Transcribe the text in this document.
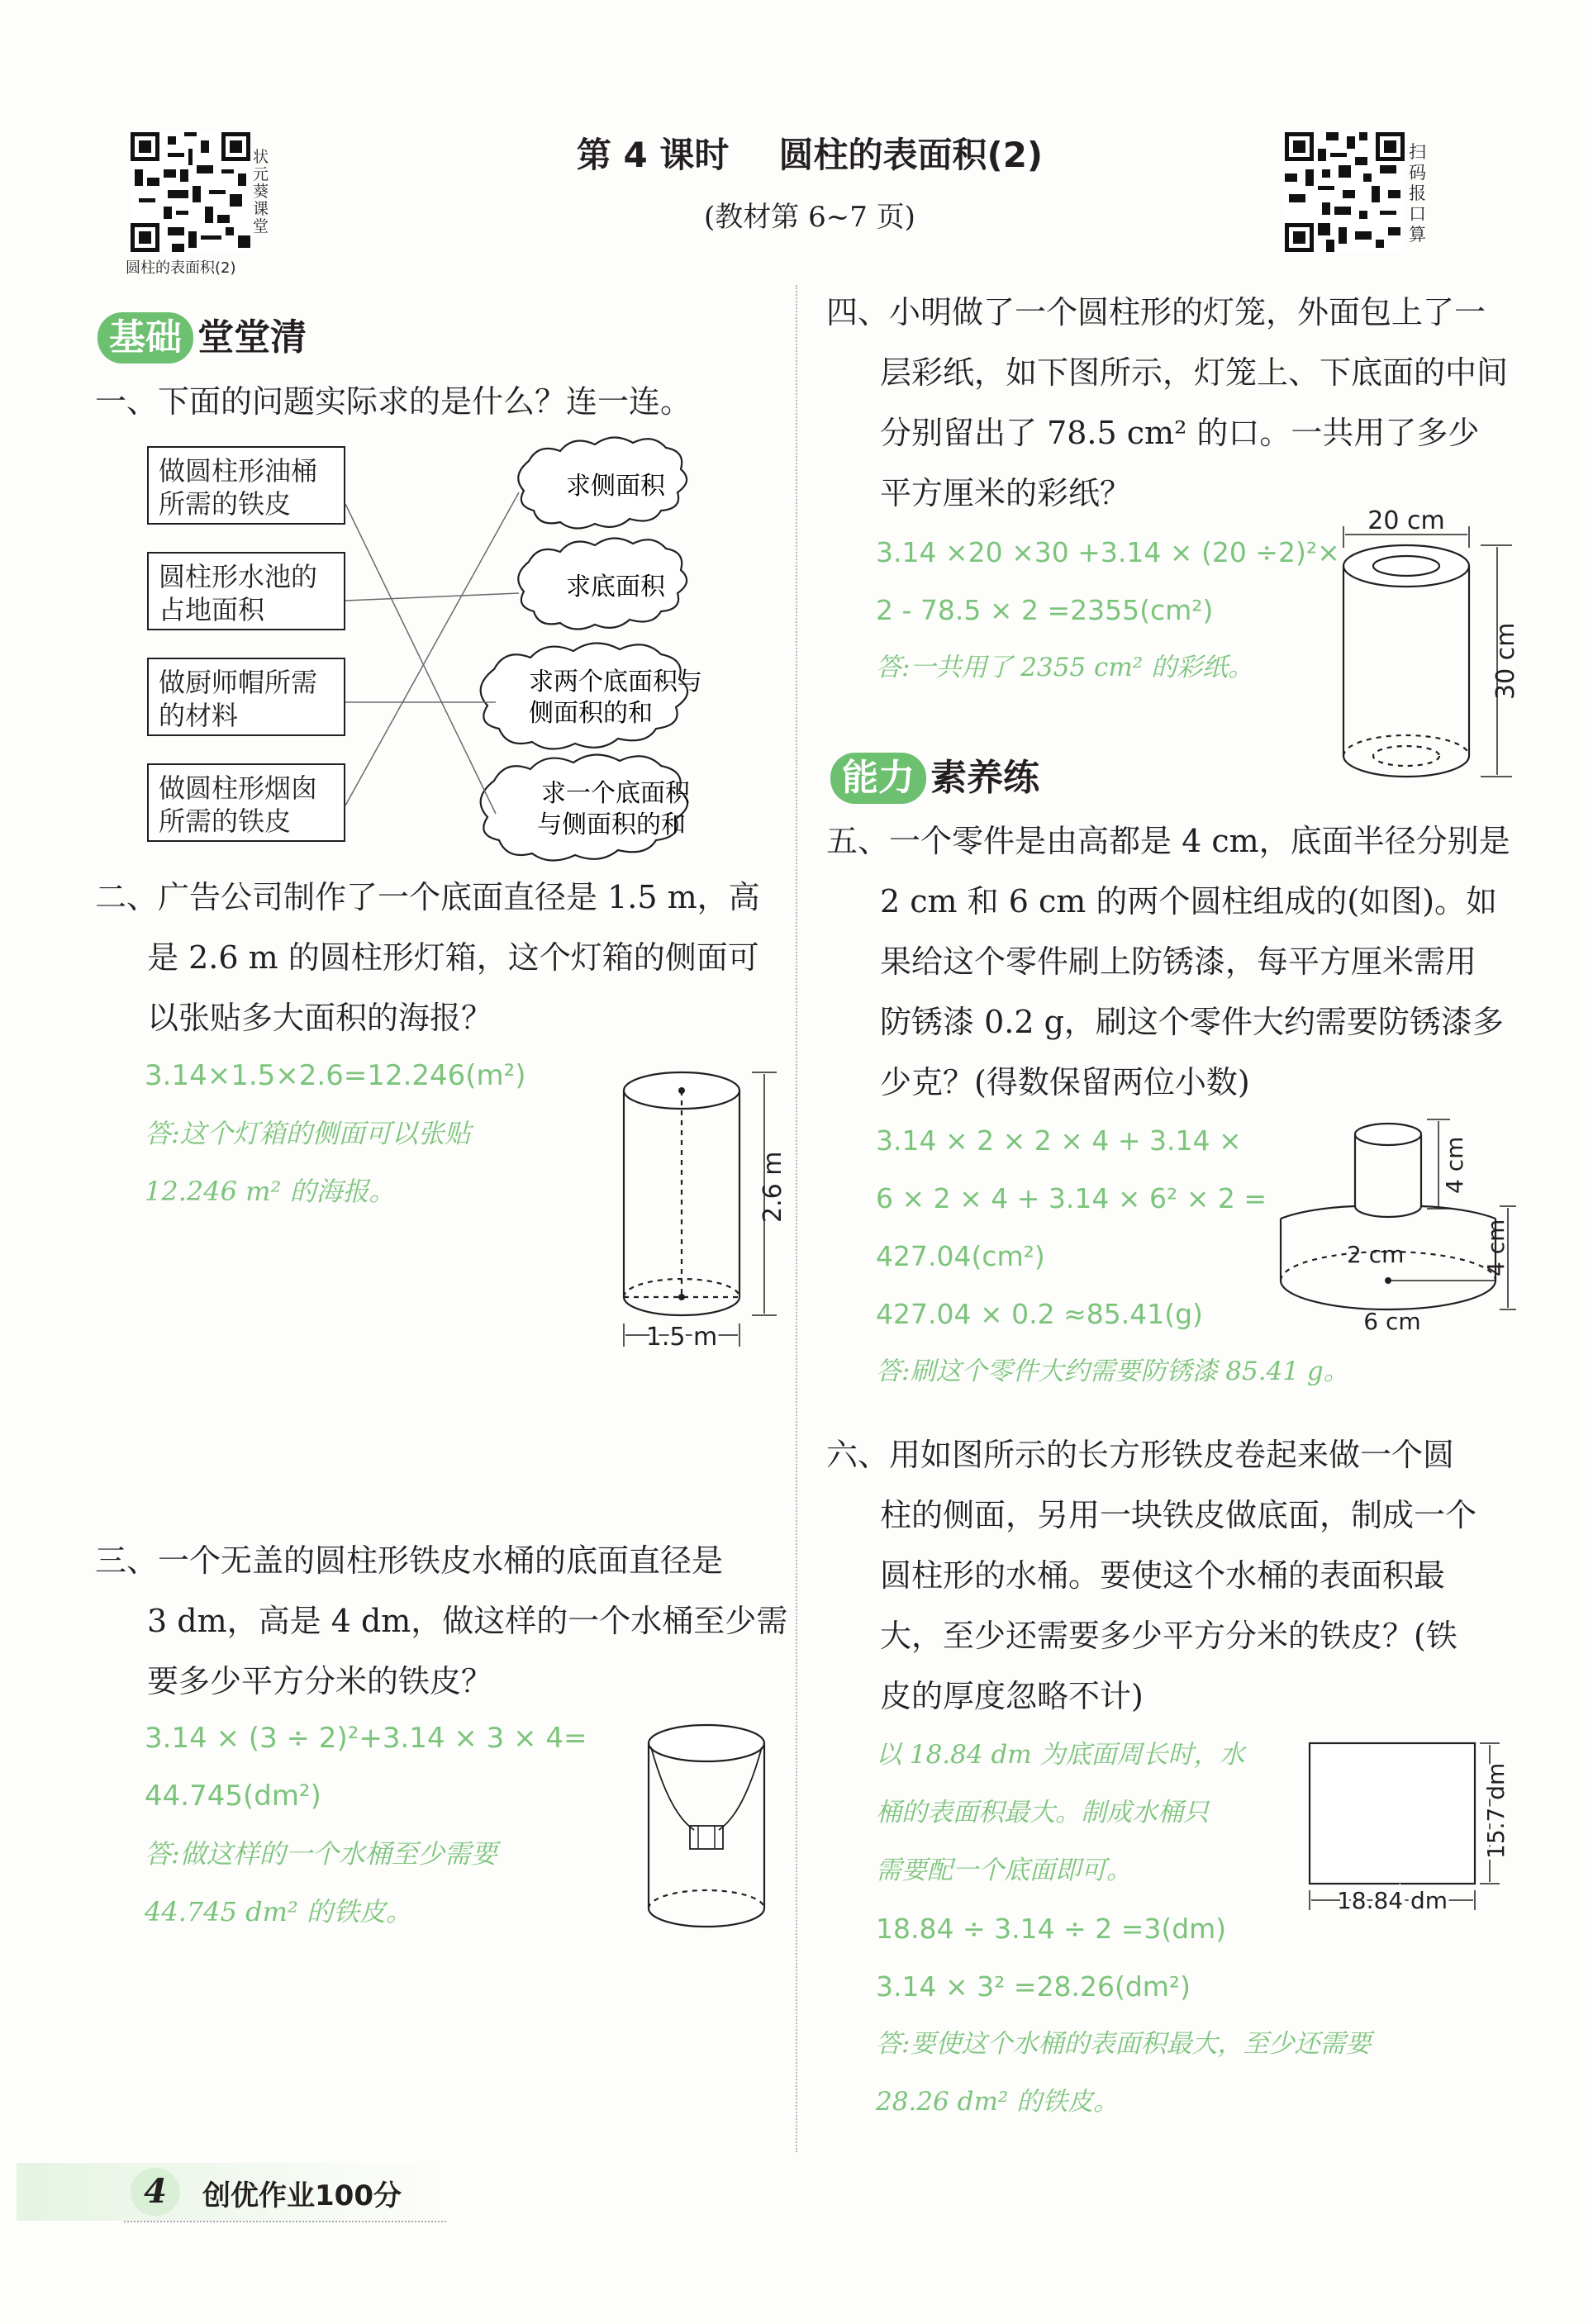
状元葵课堂
圆柱的表面积(2)
第 4 课时 圆柱的表面积(2)
(教材第 6~7 页)
扫码报口算
基础 堂堂清
一、下面的问题实际求的是什么？连一连。
做圆柱形油桶
所需的铁皮
圆柱形水池的
占地面积
做厨师帽所需
的材料
做圆柱形烟囱
所需的铁皮
求侧面积
求底面积
求两个底面积与
侧面积的和
求一个底面积
与侧面积的和
二、广告公司制作了一个底面直径是 1.5 m，高
是 2.6 m 的圆柱形灯箱，这个灯箱的侧面可
以张贴多大面积的海报？
3.14×1.5×2.6=12.246(m²)
答:这个灯箱的侧面可以张贴
12.246 m² 的海报。	2.6 m
1.5 m
三、一个无盖的圆柱形铁皮水桶的底面直径是
3 dm，高是 4 dm，做这样的一个水桶至少需
要多少平方分米的铁皮？
3.14 × (3 ÷ 2)²+3.14 × 3 × 4=
44.745(dm²)
答:做这样的一个水桶至少需要
44.745 dm² 的铁皮。
四、小明做了一个圆柱形的灯笼，外面包上了一
层彩纸，如下图所示，灯笼上、下底面的中间
分别留出了 78.5 cm² 的口。一共用了多少
平方厘米的彩纸？
3.14 ×20 ×30 +3.14 × (20 ÷2)²×
2 - 78.5 × 2 =2355(cm²)
答:一共用了 2355 cm² 的彩纸。
20 cm
30 cm
能力 素养练
五、一个零件是由高都是 4 cm，底面半径分别是
2 cm 和 6 cm 的两个圆柱组成的(如图)。如
果给这个零件刷上防锈漆，每平方厘米需用
防锈漆 0.2 g，刷这个零件大约需要防锈漆多
少克？(得数保留两位小数)
3.14 × 2 × 2 × 4 + 3.14 ×
6 × 2 × 4 + 3.14 × 6² × 2 =
427.04(cm²)
427.04 × 0.2 ≈85.41(g)
答:刷这个零件大约需要防锈漆 85.41 g。
4 cm
4 cm
2 cm
6 cm
六、用如图所示的长方形铁皮卷起来做一个圆
柱的侧面，另用一块铁皮做底面，制成一个
圆柱形的水桶。要使这个水桶的表面积最
大，至少还需要多少平方分米的铁皮？(铁
皮的厚度忽略不计)
以 18.84 dm 为底面周长时，水
桶的表面积最大。制成水桶只
需要配一个底面即可。
18.84 ÷ 3.14 ÷ 2 =3(dm)
3.14 × 3² =28.26(dm²)
答:要使这个水桶的表面积最大，至少还需要
28.26 dm² 的铁皮。
18.84 dm
15.7 dm
4	创优作业100分
